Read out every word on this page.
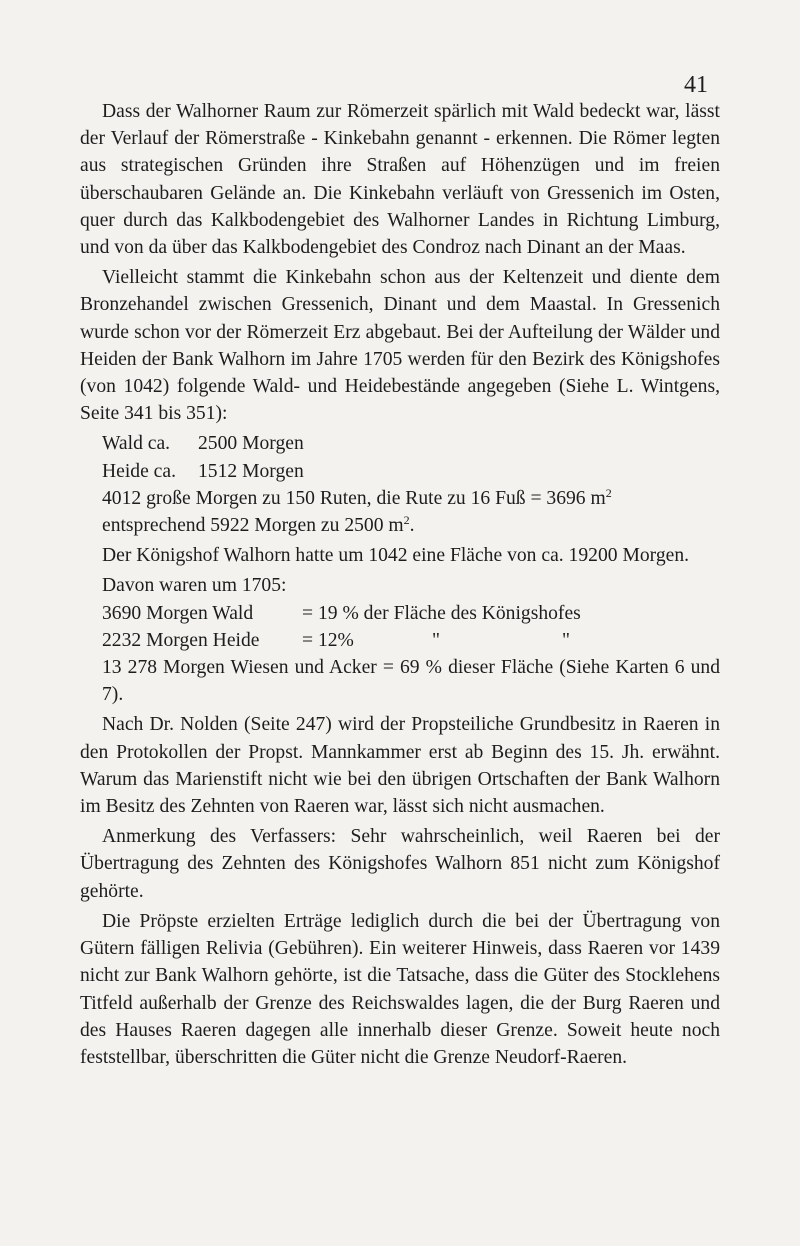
41

Dass der Walhorner Raum zur Römerzeit spärlich mit Wald bedeckt war, lässt der Verlauf der Römerstraße - Kinkebahn genannt - erkennen. Die Römer legten aus strategischen Gründen ihre Straßen auf Höhenzügen und im freien überschaubaren Gelände an. Die Kinkebahn verläuft von Gressenich im Osten, quer durch das Kalkbodengebiet des Walhorner Landes in Richtung Limburg, und von da über das Kalkbodengebiet des Condroz nach Dinant an der Maas.

Vielleicht stammt die Kinkebahn schon aus der Keltenzeit und diente dem Bronzehandel zwischen Gressenich, Dinant und dem Maastal. In Gressenich wurde schon vor der Römerzeit Erz abgebaut. Bei der Aufteilung der Wälder und Heiden der Bank Walhorn im Jahre 1705 werden für den Bezirk des Königshofes (von 1042) folgende Wald- und Heidebestände angegeben (Siehe L. Wintgens, Seite 341 bis 351):

Wald ca. 2500 Morgen
Heide ca. 1512 Morgen
4012 große Morgen zu 150 Ruten, die Rute zu 16 Fuß = 3696 $m^2$
entsprechend 5922 Morgen zu 2500 $m^2$.

Der Königshof Walhorn hatte um 1042 eine Fläche von ca. 19200 Morgen.

Davon waren um 1705:
3690 Morgen Wald = 19 % der Fläche des Königshofes
2232 Morgen Heide = 12%	"	"

13 278 Morgen Wiesen und Acker = 69 % dieser Fläche (Siehe Karten 6 und 7).

Nach Dr. Nolden (Seite 247) wird der Propsteiliche Grundbesitz in Raeren in den Protokollen der Propst. Mannkammer erst ab Beginn des 15. Jh. erwähnt. Warum das Marienstift nicht wie bei den übrigen Ortschaften der Bank Walhorn im Besitz des Zehnten von Raeren war, lässt sich nicht ausmachen.

Anmerkung des Verfassers: Sehr wahrscheinlich, weil Raeren bei der Übertragung des Zehnten des Königshofes Walhorn 851 nicht zum Königshof gehörte.

Die Pröpste erzielten Erträge lediglich durch die bei der Übertragung von Gütern fälligen Relivia (Gebühren). Ein weiterer Hinweis, dass Raeren vor 1439 nicht zur Bank Walhorn gehörte, ist die Tatsache, dass die Güter des Stocklehens Titfeld außerhalb der Grenze des Reichswaldes lagen, die der Burg Raeren und des Hauses Raeren dagegen alle innerhalb dieser Grenze. Soweit heute noch feststellbar, überschritten die Güter nicht die Grenze Neudorf-Raeren.
